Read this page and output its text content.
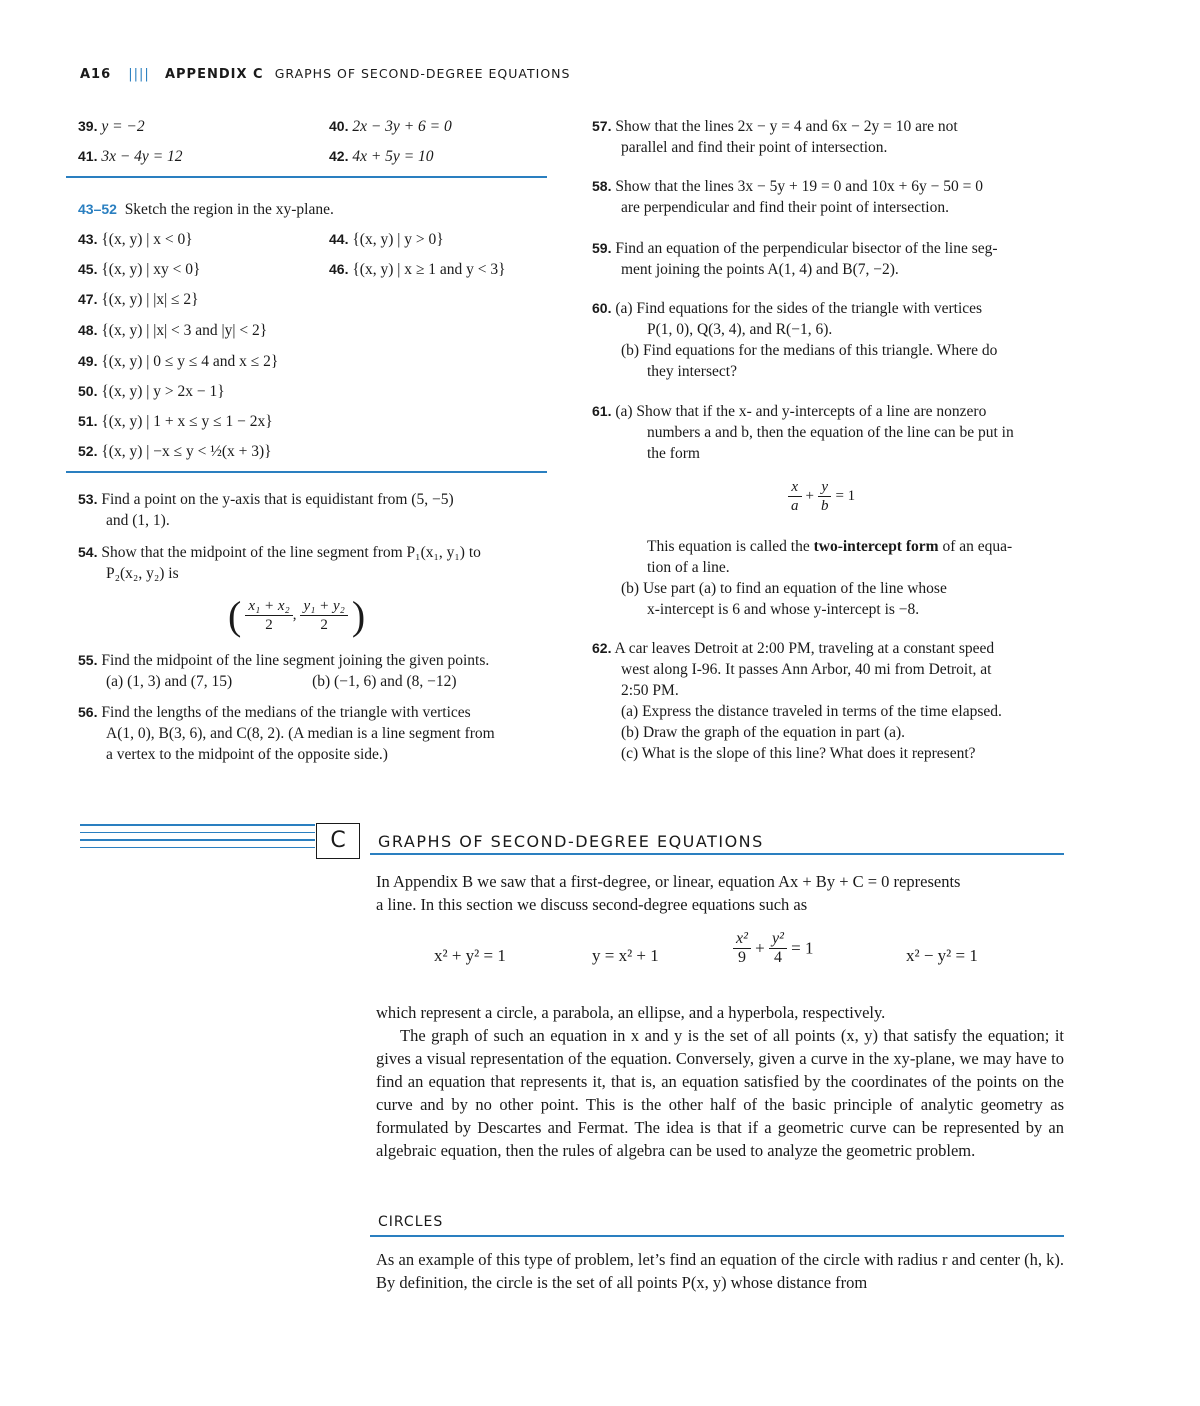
A16 |||| APPENDIX C GRAPHS OF SECOND-DEGREE EQUATIONS
39. y = −2	40. 2x − 3y + 6 = 0
41. 3x − 4y = 12	42. 4x + 5y = 10
43–52 Sketch the region in the xy-plane.
43. {(x, y) | x < 0}	44. {(x, y) | y > 0}
45. {(x, y) | xy < 0}	46. {(x, y) | x ≥ 1 and y < 3}
47. {(x, y) | |x| ≤ 2}
48. {(x, y) | |x| < 3 and |y| < 2}
49. {(x, y) | 0 ≤ y ≤ 4 and x ≤ 2}
50. {(x, y) | y > 2x − 1}
51. {(x, y) | 1 + x ≤ y ≤ 1 − 2x}
52. {(x, y) | −x ≤ y < ½(x + 3)}
53. Find a point on the y-axis that is equidistant from (5, −5)
and (1, 1).
54. Show that the midpoint of the line segment from P₁(x₁, y₁) to
P₂(x₂, y₂) is
( $\frac{\text{x₁ + x₂}}{2}$ , $\frac{\text{y₁ + y₂}}{2}$ )
55. Find the midpoint of the line segment joining the given points.
(a) (1, 3) and (7, 15)	(b) (−1, 6) and (8, −12)
56. Find the lengths of the medians of the triangle with vertices
A(1, 0), B(3, 6), and C(8, 2). (A median is a line segment from
a vertex to the midpoint of the opposite side.)
57. Show that the lines 2x − y = 4 and 6x − 2y = 10 are not
parallel and find their point of intersection.
58. Show that the lines 3x − 5y + 19 = 0 and 10x + 6y − 50 = 0
are perpendicular and find their point of intersection.
59. Find an equation of the perpendicular bisector of the line seg-
ment joining the points A(1, 4) and B(7, −2).
60. (a) Find equations for the sides of the triangle with vertices
P(1, 0), Q(3, 4), and R(−1, 6).
(b) Find equations for the medians of this triangle. Where do
they intersect?
61. (a) Show that if the x- and y-intercepts of a line are nonzero
numbers a and b, then the equation of the line can be put in
the form
$\frac{x}{a} + \frac{y}{b} = 1$
This equation is called the two-intercept form of an equa-
tion of a line.
(b) Use part (a) to find an equation of the line whose
x-intercept is 6 and whose y-intercept is −8.
62. A car leaves Detroit at 2:00 PM, traveling at a constant speed
west along I-96. It passes Ann Arbor, 40 mi from Detroit, at
2:50 PM.
(a) Express the distance traveled in terms of the time elapsed.
(b) Draw the graph of the equation in part (a).
(c) What is the slope of this line? What does it represent?
C	GRAPHS OF SECOND-DEGREE EQUATIONS
In Appendix B we saw that a first-degree, or linear, equation Ax + By + C = 0 represents
a line. In this section we discuss second-degree equations such as
x² + y² = 1	y = x² + 1	$\frac{\text{x²}}{9} + \frac{\text{y²}}{4} = 1$	x² − y² = 1
which represent a circle, a parabola, an ellipse, and a hyperbola, respectively.
The graph of such an equation in x and y is the set of all points (x, y) that satisfy the equation; it gives a visual representation of the equation. Conversely, given a curve in the xy-plane, we may have to find an equation that represents it, that is, an equation satisfied by the coordinates of the points on the curve and by no other point. This is the other half of the basic principle of analytic geometry as formulated by Descartes and Fermat. The idea is that if a geometric curve can be represented by an algebraic equation, then the rules of algebra can be used to analyze the geometric problem.
CIRCLES
As an example of this type of problem, let’s find an equation of the circle with radius r and center (h, k). By definition, the circle is the set of all points P(x, y) whose distance from
